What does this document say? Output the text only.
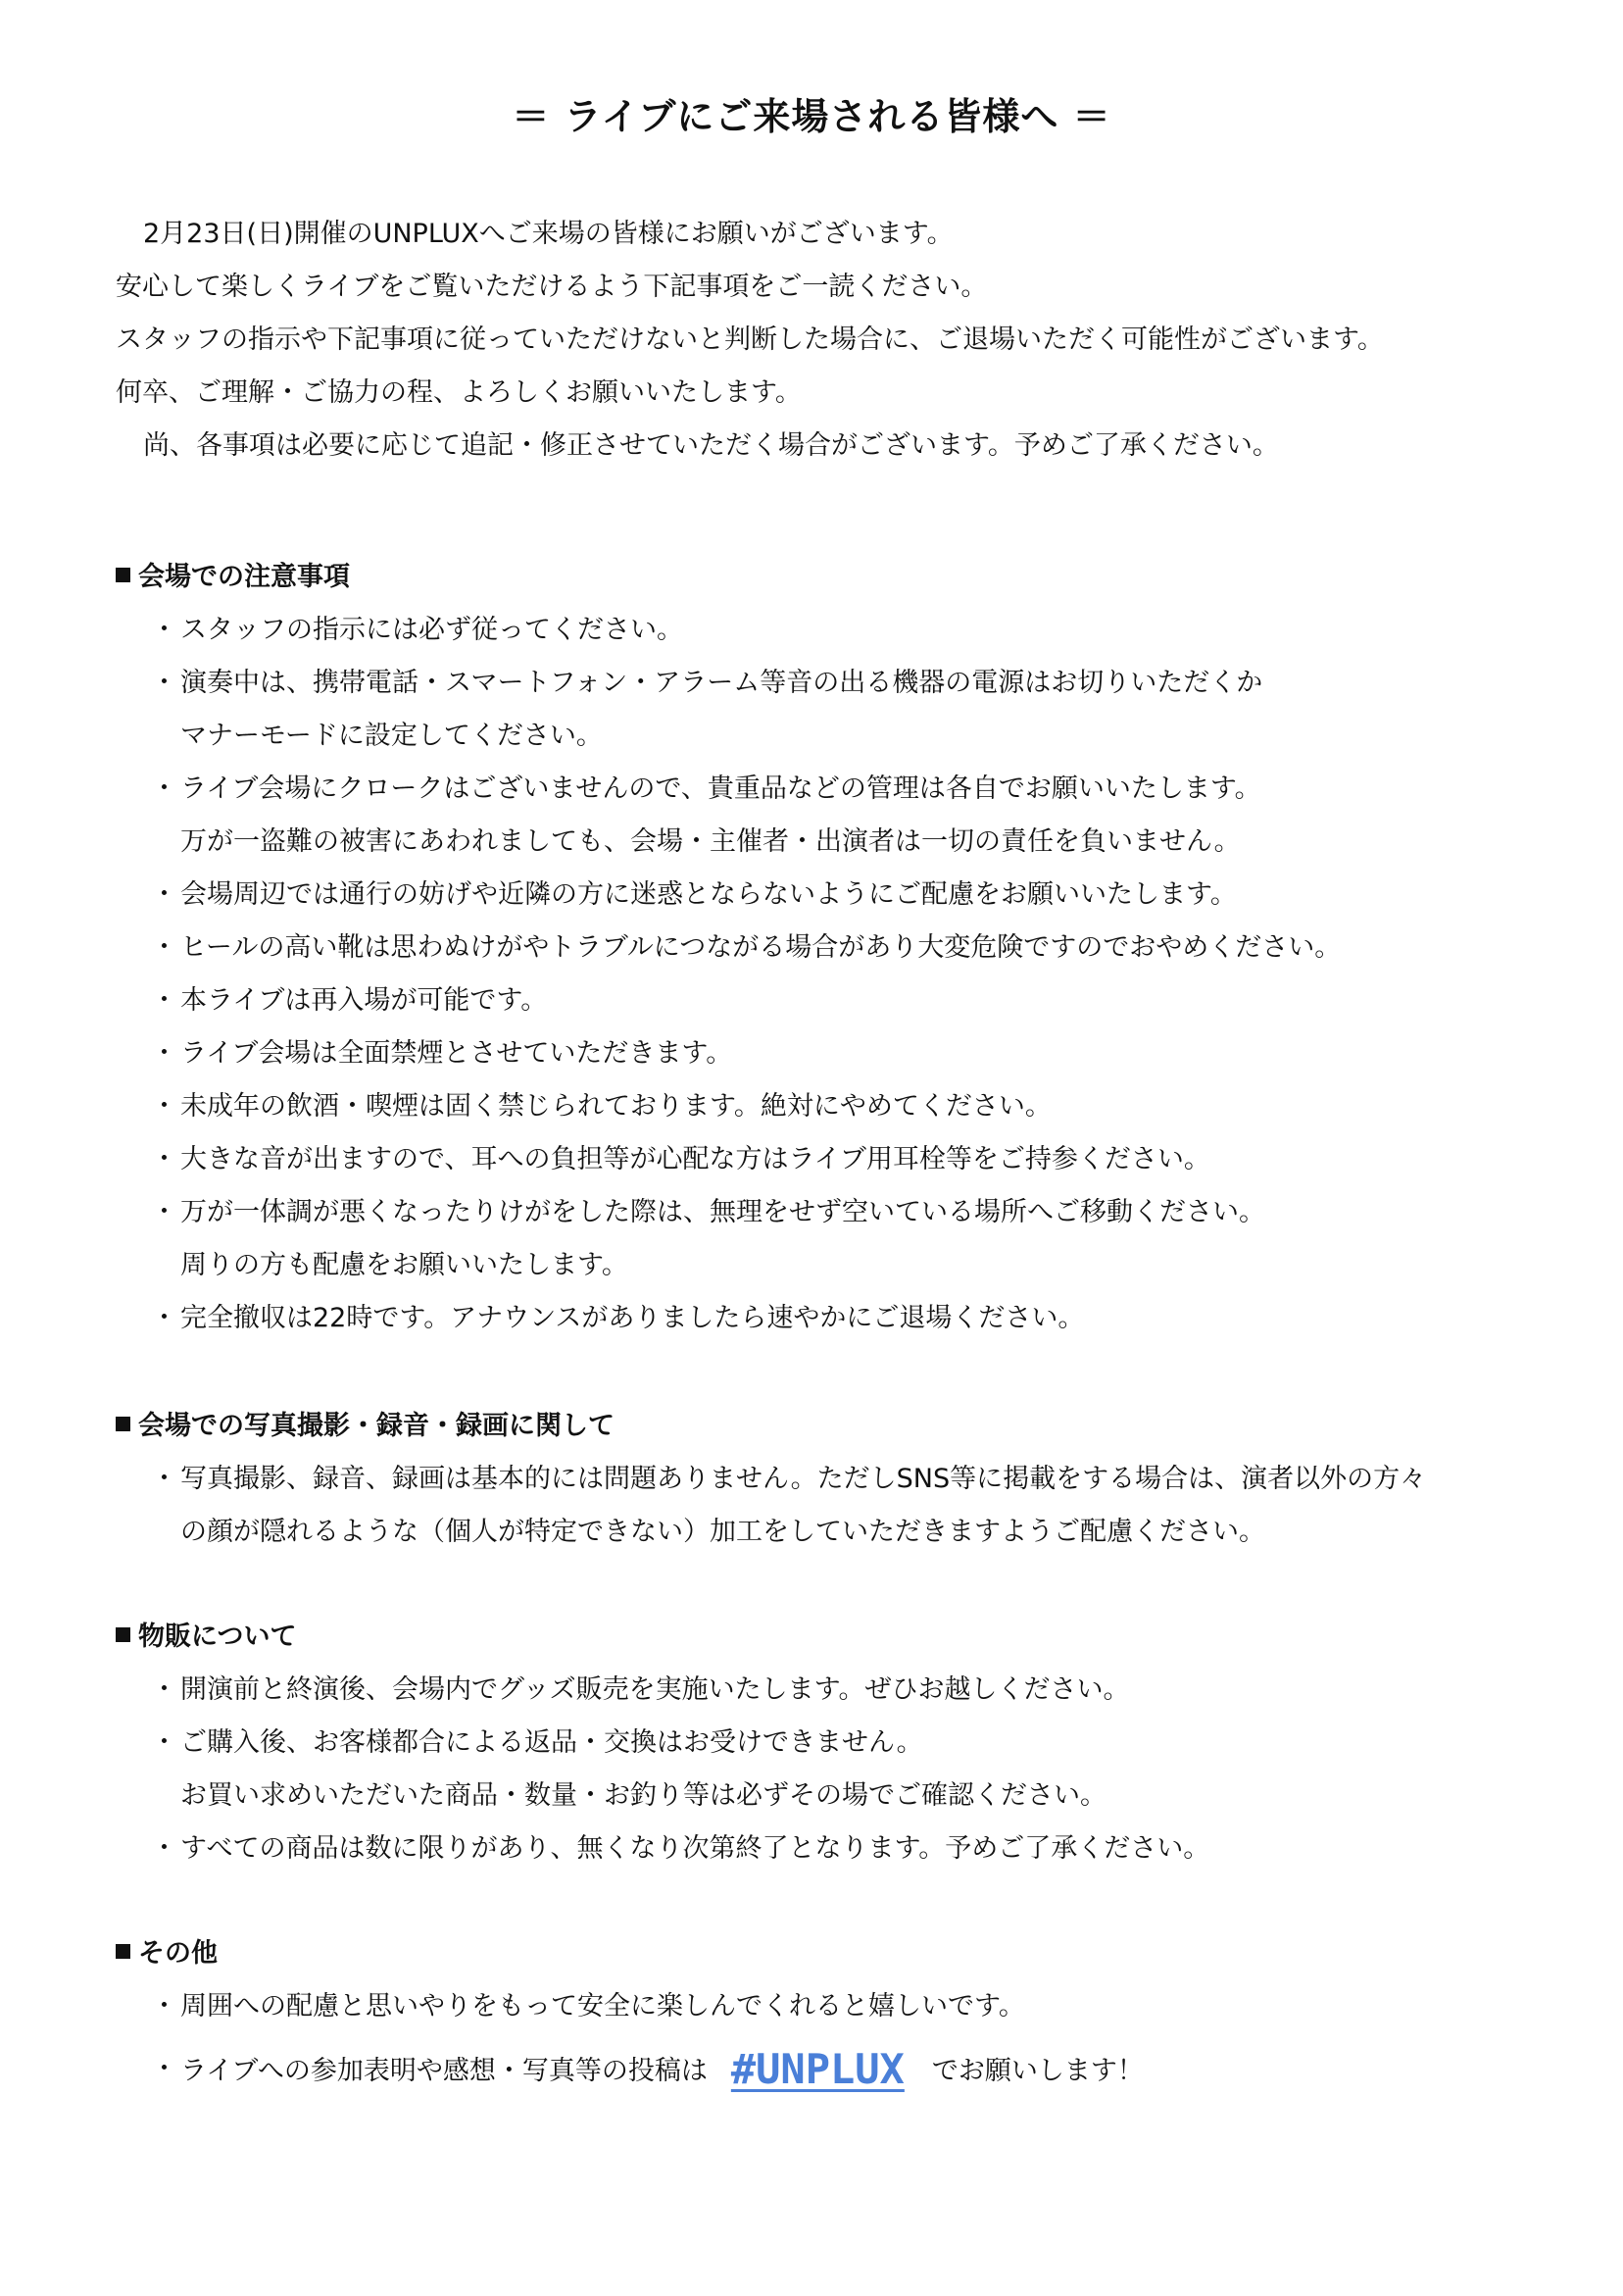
＝ ライブにご来場される皆様へ ＝
2月23日(日)開催のUNPLUXへご来場の皆様にお願いがございます。
安心して楽しくライブをご覧いただけるよう下記事項をご一読ください。
スタッフの指示や下記事項に従っていただけないと判断した場合に、ご退場いただく可能性がございます。
何卒、ご理解・ご協力の程、よろしくお願いいたします。
尚、各事項は必要に応じて追記・修正させていただく場合がございます。予めご了承ください。
会場での注意事項
・ スタッフの指示には必ず従ってください。
・ 演奏中は、携帯電話・スマートフォン・アラーム等音の出る機器の電源はお切りいただくか
マナーモードに設定してください。
・ ライブ会場にクロークはございませんので、貴重品などの管理は各自でお願いいたします。
万が一盗難の被害にあわれましても、会場・主催者・出演者は一切の責任を負いません。
・ 会場周辺では通行の妨げや近隣の方に迷惑とならないようにご配慮をお願いいたします。
・ ヒールの高い靴は思わぬけがやトラブルにつながる場合があり大変危険ですのでおやめください。
・ 本ライブは再入場が可能です。
・ ライブ会場は全面禁煙とさせていただきます。
・ 未成年の飲酒・喫煙は固く禁じられております。絶対にやめてください。
・ 大きな音が出ますので、耳への負担等が心配な方はライブ用耳栓等をご持参ください。
・ 万が一体調が悪くなったりけがをした際は、無理をせず空いている場所へご移動ください。
周りの方も配慮をお願いいたします。
・ 完全撤収は22時です。アナウンスがありましたら速やかにご退場ください。
会場での写真撮影・録音・録画に関して
・ 写真撮影、録音、録画は基本的には問題ありません。ただしSNS等に掲載をする場合は、演者以外の方々
の顔が隠れるような（個人が特定できない）加工をしていただきますようご配慮ください。
物販について
・ 開演前と終演後、会場内でグッズ販売を実施いたします。ぜひお越しください。
・ ご購入後、お客様都合による返品・交換はお受けできません。
お買い求めいただいた商品・数量・お釣り等は必ずその場でご確認ください。
・ すべての商品は数に限りがあり、無くなり次第終了となります。予めご了承ください。
その他
・ 周囲への配慮と思いやりをもって安全に楽しんでくれると嬉しいです。
・ ライブへの参加表明や感想・写真等の投稿は #UNPLUX でお願いします！
